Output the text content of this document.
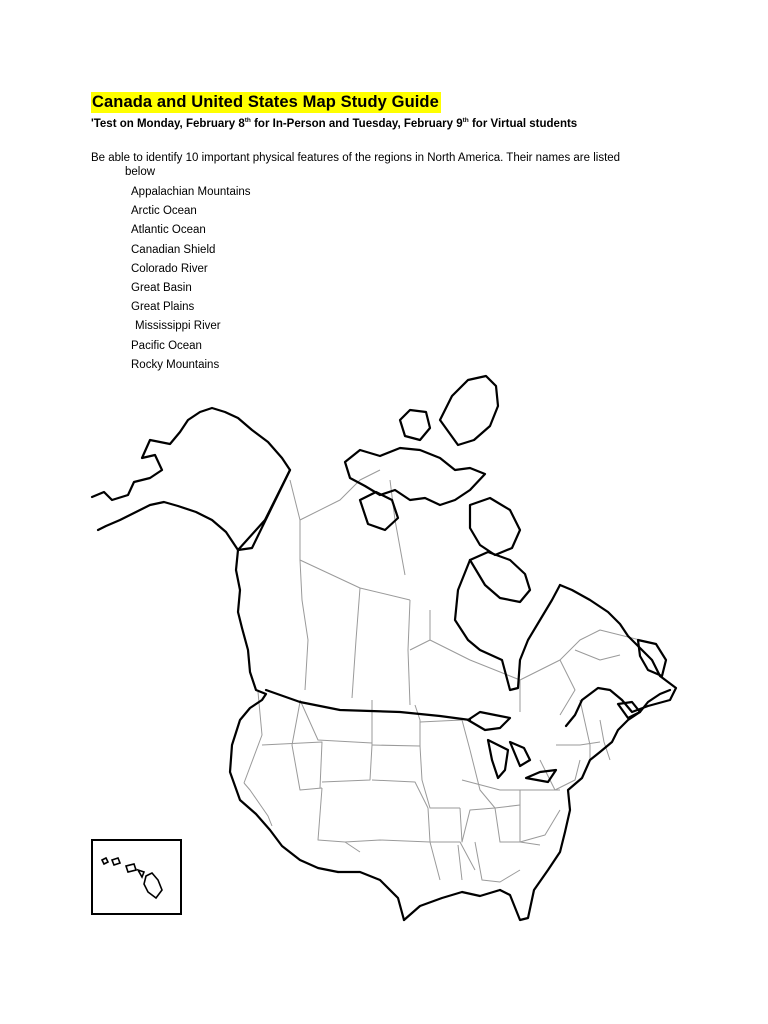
Canada and United States Map Study Guide
'Test on Monday, February 8th for In-Person and Tuesday, February 9th for Virtual students

Be able to identify 10 important physical features of the regions in North America. Their names are listed
below

Appalachian Mountains
Arctic Ocean
Atlantic Ocean
Canadian Shield
Colorado River
Great Basin
Great Plains
Mississippi River
Pacific Ocean
Rocky Mountains
